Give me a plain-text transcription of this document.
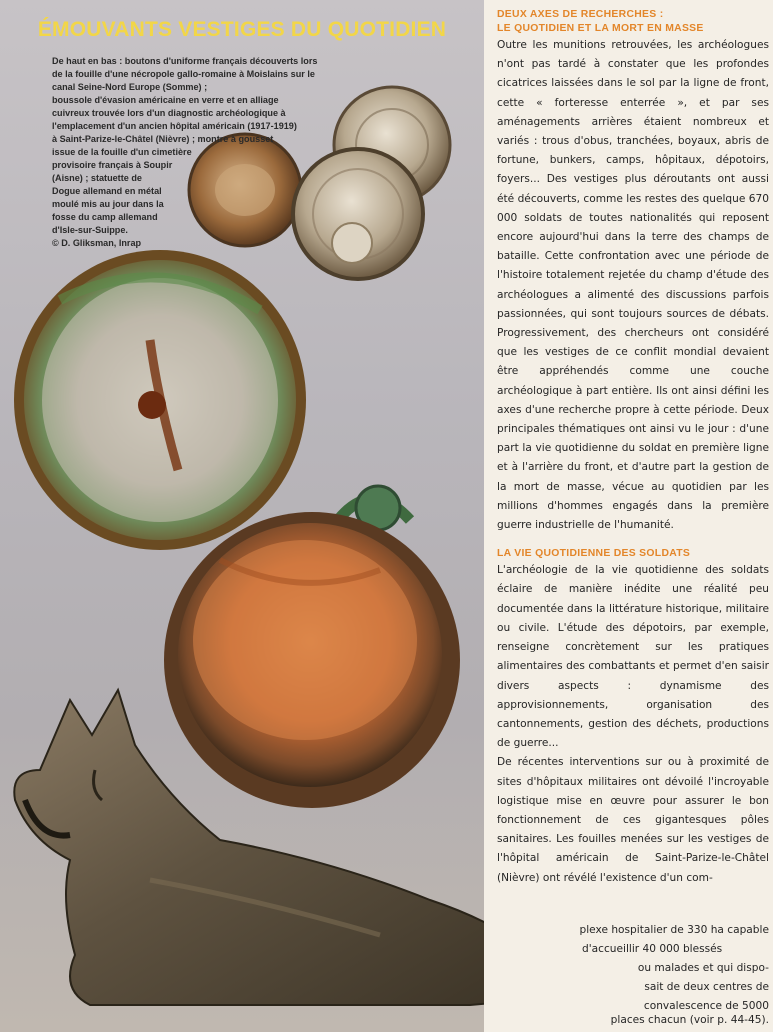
ÉMOUVANTS VESTIGES DU QUOTIDIEN
De haut en bas : boutons d'uniforme français découverts lors de la fouille d'une nécropole gallo-romaine à Moislains sur le canal Seine-Nord Europe (Somme) ;
boussole d'évasion américaine en verre et en alliage
cuivreux trouvée lors d'un diagnostic archéologique à
l'emplacement d'un ancien hôpital américain (1917-1919)
à Saint-Parize-le-Châtel (Nièvre) ; montre à gousset
issue de la fouille d'un cimetière
provisoire français à Soupir
(Aisne) ; statuette de
Dogue allemand en métal
moulé mis au jour dans la
fosse du camp allemand
d'Isle-sur-Suippe.
© D. Gliksman, Inrap
DEUX AXES DE RECHERCHES :
LE QUOTIDIEN ET LA MORT EN MASSE

Outre les munitions retrouvées, les archéologues n'ont pas tardé à constater que les profondes cicatrices laissées dans le sol par la ligne de front, cette « forteresse enterrée », et par ses aménagements arrières étaient nombreux et variés : trous d'obus, tranchées, boyaux, abris de fortune, bunkers, camps, hôpitaux, dépotoirs, foyers... Des vestiges plus déroutants ont aussi été découverts, comme les restes des quelque 670 000 soldats de toutes nationalités qui reposent encore aujourd'hui dans la terre des champs de bataille. Cette confrontation avec une période de l'histoire totalement rejetée du champ d'étude des archéologues a alimenté des discussions parfois passionnées, qui sont toujours sources de débats. Progressivement, des chercheurs ont considéré que les vestiges de ce conflit mondial devaient être appréhendés comme une couche archéologique à part entière. Ils ont ainsi défini les axes d'une recherche propre à cette période. Deux principales thématiques ont ainsi vu le jour : d'une part la vie quotidienne du soldat en première ligne et à l'arrière du front, et d'autre part la gestion de la mort de masse, vécue au quotidien par les millions d'hommes engagés dans la première guerre industrielle de l'humanité.

LA VIE QUOTIDIENNE DES SOLDATS

L'archéologie de la vie quotidienne des soldats éclaire de manière inédite une réalité peu documentée dans la littérature historique, militaire ou civile. L'étude des dépotoirs, par exemple, renseigne concrètement sur les pratiques alimentaires des combattants et permet d'en saisir divers aspects : dynamisme des approvisionnements, organisation des cantonnements, gestion des déchets, productions de guerre...

De récentes interventions sur ou à proximité de sites d'hôpitaux militaires ont dévoilé l'incroyable logistique mise en œuvre pour assurer le bon fonctionnement de ces gigantesques pôles sanitaires. Les fouilles menées sur les vestiges de l'hôpital américain de Saint-Parize-le-Châtel (Nièvre) ont révélé l'existence d'un com-

plexe hospitalier de 330 ha capable
d'accueillir 40 000 blessés
ou malades et qui dispo-
sait de deux centres de
convalescence de 5000
places chacun (voir p. 44-45).
